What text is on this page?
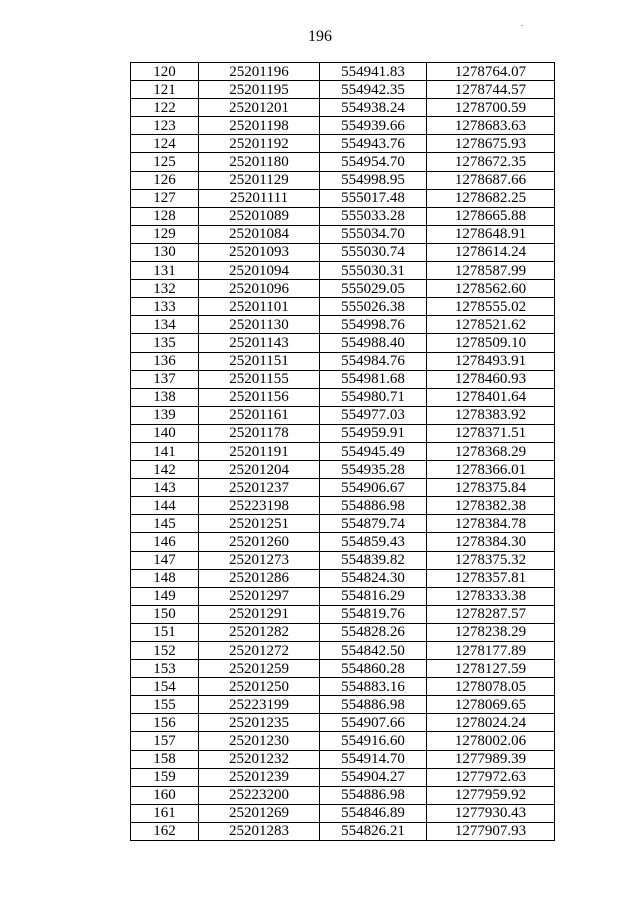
196
.
120	25201196	554941.83	1278764.07
121	25201195	554942.35	1278744.57
122	25201201	554938.24	1278700.59
123	25201198	554939.66	1278683.63
124	25201192	554943.76	1278675.93
125	25201180	554954.70	1278672.35
126	25201129	554998.95	1278687.66
127	25201111	555017.48	1278682.25
128	25201089	555033.28	1278665.88
129	25201084	555034.70	1278648.91
130	25201093	555030.74	1278614.24
131	25201094	555030.31	1278587.99
132	25201096	555029.05	1278562.60
133	25201101	555026.38	1278555.02
134	25201130	554998.76	1278521.62
135	25201143	554988.40	1278509.10
136	25201151	554984.76	1278493.91
137	25201155	554981.68	1278460.93
138	25201156	554980.71	1278401.64
139	25201161	554977.03	1278383.92
140	25201178	554959.91	1278371.51
141	25201191	554945.49	1278368.29
142	25201204	554935.28	1278366.01
143	25201237	554906.67	1278375.84
144	25223198	554886.98	1278382.38
145	25201251	554879.74	1278384.78
146	25201260	554859.43	1278384.30
147	25201273	554839.82	1278375.32
148	25201286	554824.30	1278357.81
149	25201297	554816.29	1278333.38
150	25201291	554819.76	1278287.57
151	25201282	554828.26	1278238.29
152	25201272	554842.50	1278177.89
153	25201259	554860.28	1278127.59
154	25201250	554883.16	1278078.05
155	25223199	554886.98	1278069.65
156	25201235	554907.66	1278024.24
157	25201230	554916.60	1278002.06
158	25201232	554914.70	1277989.39
159	25201239	554904.27	1277972.63
160	25223200	554886.98	1277959.92
161	25201269	554846.89	1277930.43
162	25201283	554826.21	1277907.93
